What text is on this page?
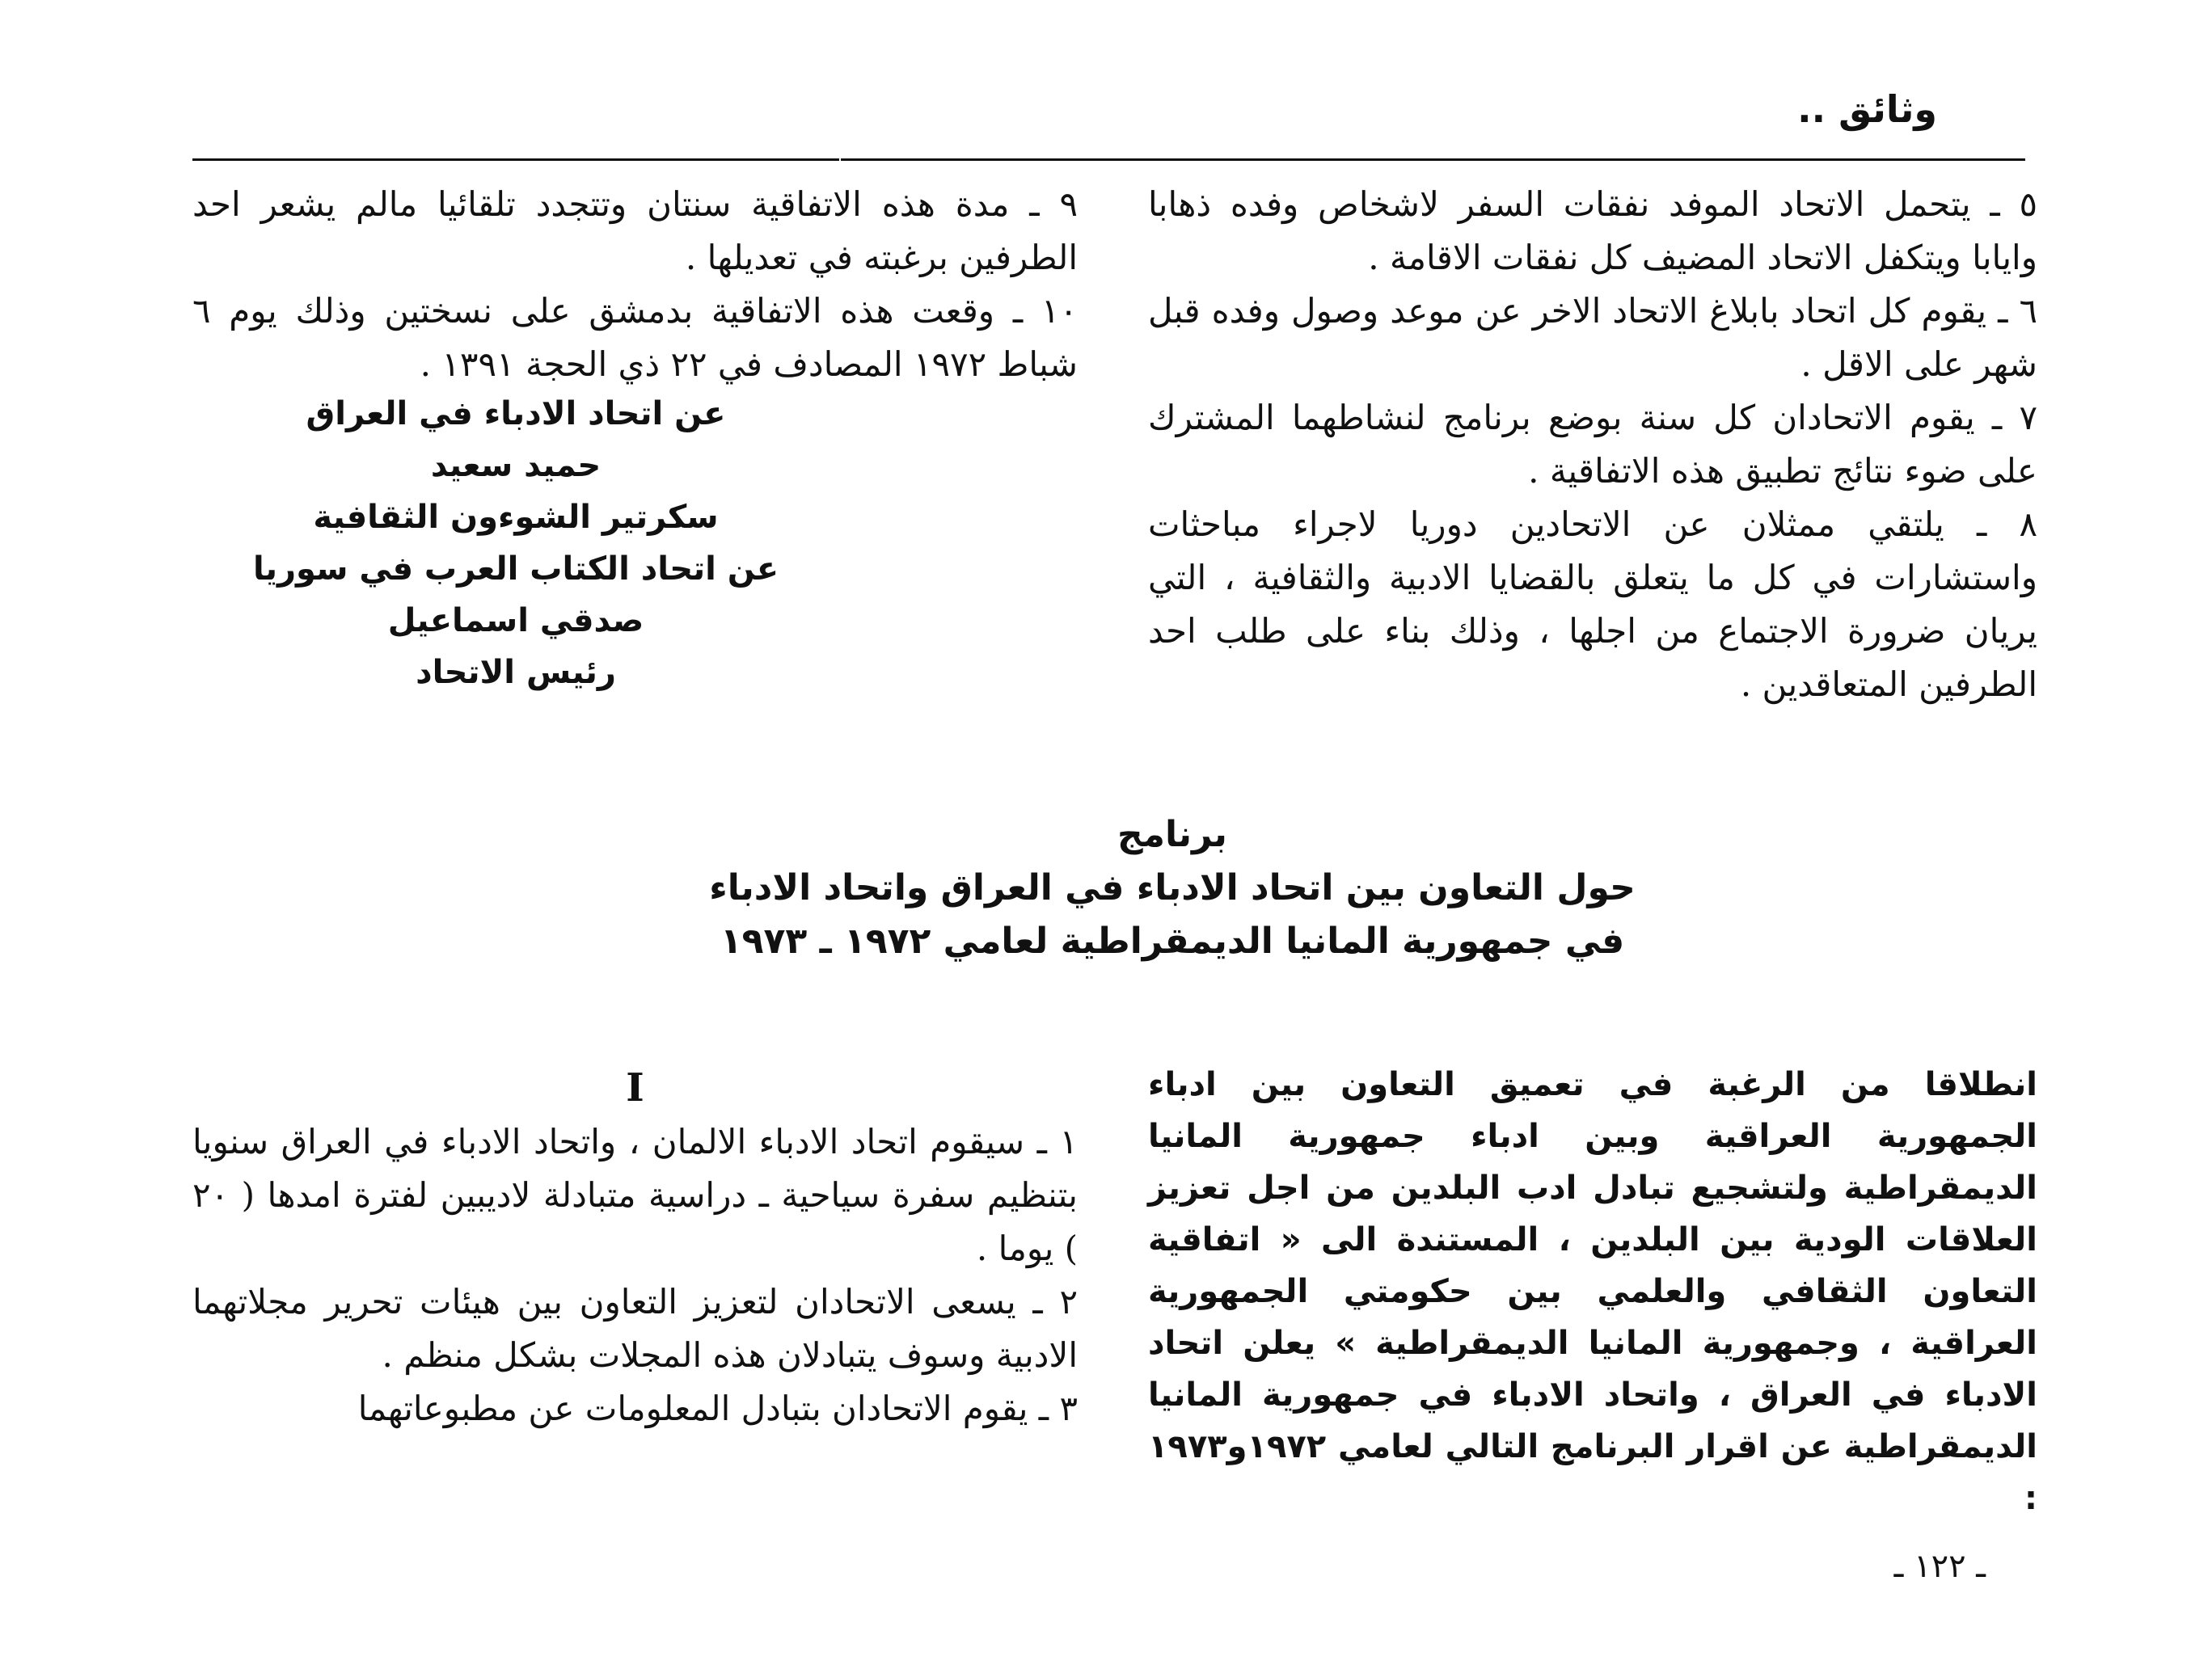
وثائق ..

٥ ـ يتحمل الاتحاد الموفد نفقات السفر لاشخاص وفده ذهابا وايابا ويتكفل الاتحاد المضيف كل نفقات الاقامة .

٦ ـ يقوم كل اتحاد بابلاغ الاتحاد الاخر عن موعد وصول وفده قبل شهر على الاقل .

٧ ـ يقوم الاتحادان كل سنة بوضع برنامج لنشاطهما المشترك على ضوء نتائج تطبيق هذه الاتفاقية .

٨ ـ يلتقي ممثلان عن الاتحادين دوريا لاجراء مباحثات واستشارات في كل ما يتعلق بالقضايا الادبية والثقافية ، التي يريان ضرورة الاجتماع من اجلها ، وذلك بناء على طلب احد الطرفين المتعاقدين .

٩ ـ مدة هذه الاتفاقية سنتان وتتجدد تلقائيا مالم يشعر احد الطرفين برغبته في تعديلها .

١٠ ـ وقعت هذه الاتفاقية بدمشق على نسختين وذلك يوم ٦ شباط ١٩٧٢ المصادف في ٢٢ ذي الحجة ١٣٩١ .

عن اتحاد الادباء في العراق
حميد سعيد
سكرتير الشوءون الثقافية
عن اتحاد الكتاب العرب في سوريا
صدقي اسماعيل
رئيس الاتحاد
برنامج
حول التعاون بين اتحاد الادباء في العراق واتحاد الادباء
في جمهورية المانيا الديمقراطية لعامي ١٩٧٢ ـ ١٩٧٣
انطلاقا من الرغبة في تعميق التعاون بين ادباء الجمهورية العراقية وبين ادباء جمهورية المانيا الديمقراطية ولتشجيع تبادل ادب البلدين من اجل تعزيز العلاقات الودية بين البلدين ، المستندة الى « اتفاقية التعاون الثقافي والعلمي بين حكومتي الجمهورية العراقية ، وجمهورية المانيا الديمقراطية » يعلن اتحاد الادباء في العراق ، واتحاد الادباء في جمهورية المانيا الديمقراطية عن اقرار البرنامج التالي لعامي ١٩٧٢و١٩٧٣ :
I

١ ـ سيقوم اتحاد الادباء الالمان ، واتحاد الادباء في العراق سنويا بتنظيم سفرة سياحية ـ دراسية متبادلة لاديبين لفترة امدها ( ٢٠ ) يوما .

٢ ـ يسعى الاتحادان لتعزيز التعاون بين هيئات تحرير مجلاتهما الادبية وسوف يتبادلان هذه المجلات بشكل منظم .

٣ ـ يقوم الاتحادان بتبادل المعلومات عن مطبوعاتهما

ـ ١٢٢ ـ
